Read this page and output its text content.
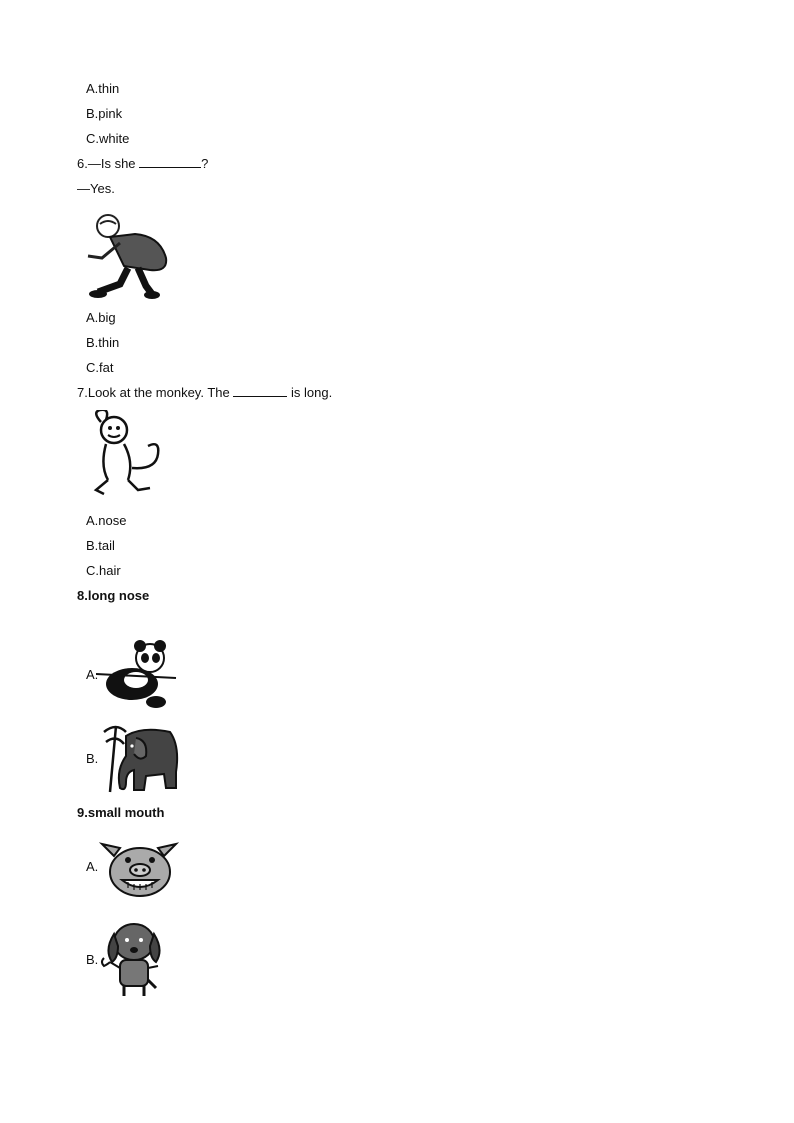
A.thin
B.pink
C.white
6.—Is she	?
—Yes.
A.big
B.thin
C.fat
7.Look at the monkey. The	is long.
A.nose
B.tail
C.hair
8.long nose
A.
B.
9.small mouth
A.
B.
